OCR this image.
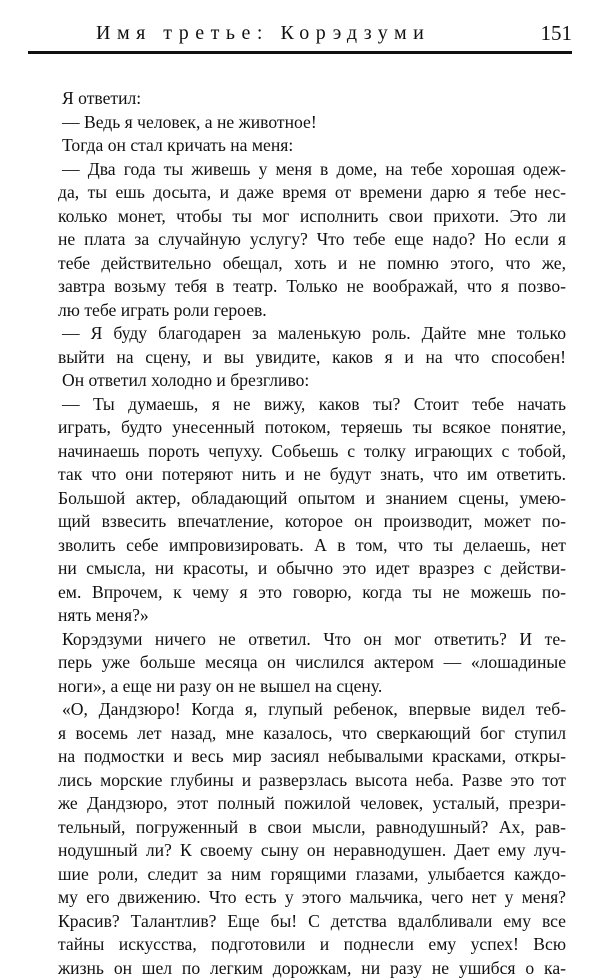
Имя третье: Корэдзуми	151
Я ответил:
— Ведь я человек, а не животное!
Тогда он стал кричать на меня:
— Два года ты живешь у меня в доме, на тебе хорошая одеж-
да, ты ешь досыта, и даже время от времени дарю я тебе нес-
колько монет, чтобы ты мог исполнить свои прихоти. Это ли
не плата за случайную услугу? Что тебе еще надо? Но если я
тебе действительно обещал, хоть и не помню этого, что же,
завтра возьму тебя в театр. Только не воображай, что я позво-
лю тебе играть роли героев.
— Я буду благодарен за маленькую роль. Дайте мне только
выйти на сцену, и вы увидите, каков я и на что способен!
Он ответил холодно и брезгливо:
— Ты думаешь, я не вижу, каков ты? Стоит тебе начать
играть, будто унесенный потоком, теряешь ты всякое понятие,
начинаешь пороть чепуху. Собьешь с толку играющих с тобой,
так что они потеряют нить и не будут знать, что им ответить.
Большой актер, обладающий опытом и знанием сцены, умею-
щий взвесить впечатление, которое он производит, может по-
зволить себе импровизировать. А в том, что ты делаешь, нет
ни смысла, ни красоты, и обычно это идет вразрез с действи-
ем. Впрочем, к чему я это говорю, когда ты не можешь по-
нять меня?»
Корэдзуми ничего не ответил. Что он мог ответить? И те-
перь уже больше месяца он числился актером — «лошадиные
ноги», а еще ни разу он не вышел на сцену.
«О, Дандзюро! Когда я, глупый ребенок, впервые видел теб-
я восемь лет назад, мне казалось, что сверкающий бог ступил
на подмостки и весь мир засиял небывалыми красками, откры-
лись морские глубины и разверзлась высота неба. Разве это тот
же Дандзюро, этот полный пожилой человек, усталый, презри-
тельный, погруженный в свои мысли, равнодушный? Ах, рав-
нодушный ли? К своему сыну он неравнодушен. Дает ему луч-
шие роли, следит за ним горящими глазами, улыбается каждо-
му его движению. Что есть у этого мальчика, чего нет у меня?
Красив? Талантлив? Еще бы! С детства вдалбливали ему все
тайны искусства, подготовили и поднесли ему успех! Всю
жизнь он шел по легким дорожкам, ни разу не ушибся о ка-
